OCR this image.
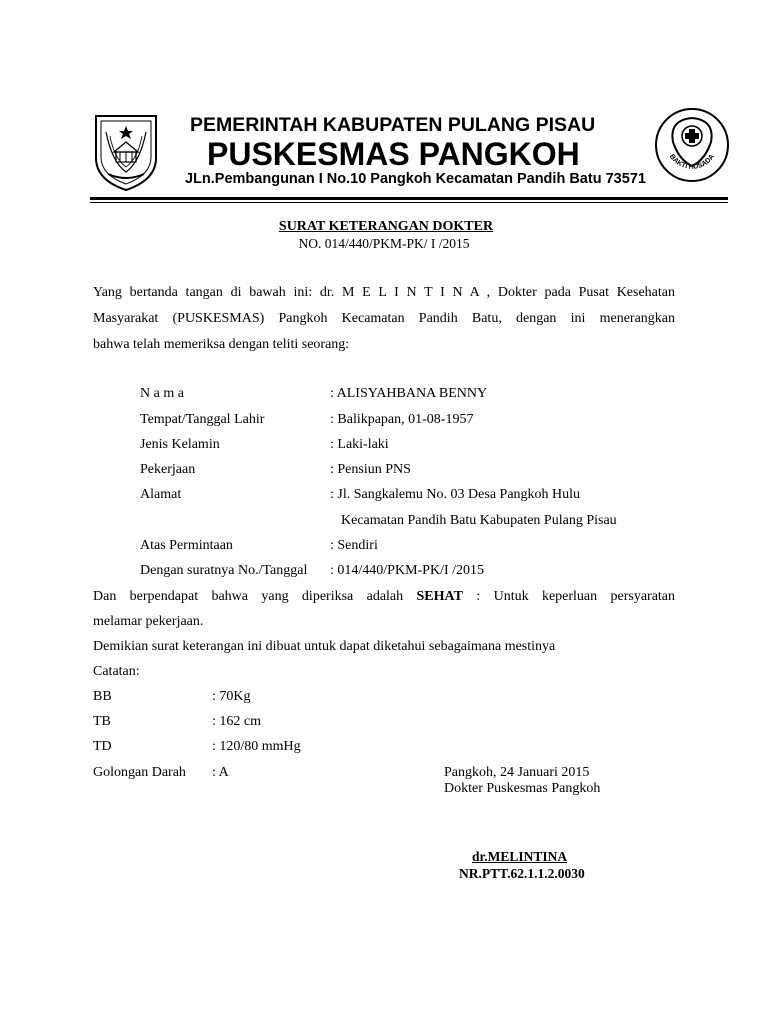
PEMERINTAH KABUPATEN PULANG PISAU
PUSKESMAS PANGKOH
JLn.Pembangunan I No.10 Pangkoh Kecamatan Pandih Batu 73571
BAKTI HUSADA
SURAT KETERANGAN DOKTER
NO. 014/440/PKM-PK/ I /2015
Yang bertanda tangan di bawah ini: dr. M E L I N T I N A , Dokter pada Pusat Kesehatan
Masyarakat (PUSKESMAS) Pangkoh Kecamatan Pandih Batu, dengan ini menerangkan
bahwa telah memeriksa dengan teliti seorang:
N a m a	: ALISYAHBANA BENNY
Tempat/Tanggal Lahir	: Balikpapan, 01-08-1957
Jenis Kelamin	: Laki-laki
Pekerjaan	: Pensiun PNS
Alamat	: Jl. Sangkalemu No. 03 Desa Pangkoh Hulu
Kecamatan Pandih Batu Kabupaten Pulang Pisau
Atas Permintaan	: Sendiri
Dengan suratnya No./Tanggal : 014/440/PKM-PK/I /2015
Dan berpendapat bahwa yang diperiksa adalah SEHAT : Untuk keperluan persyaratan
melamar pekerjaan.
Demikian surat keterangan ini dibuat untuk dapat diketahui sebagaimana mestinya
Catatan:
BB	: 70Kg
TB	: 162 cm
TD	: 120/80 mmHg
Golongan Darah : A	Pangkoh, 24 Januari 2015
Dokter Puskesmas Pangkoh
dr.MELINTINA
NR.PTT.62.1.1.2.0030
